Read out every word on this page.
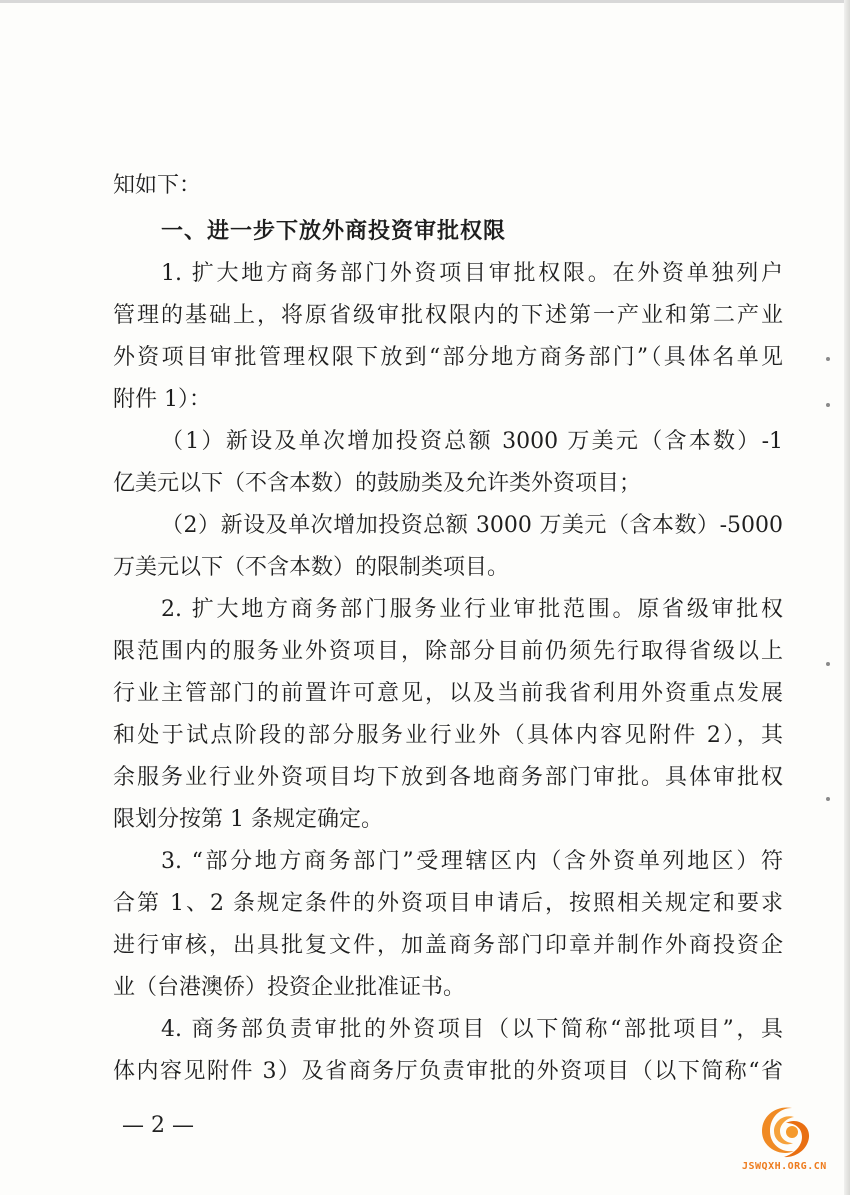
知如下：
一、进一步下放外商投资审批权限
1. 扩大地方商务部门外资项目审批权限。在外资单独列户
管理的基础上，将原省级审批权限内的下述第一产业和第二产业
外资项目审批管理权限下放到“部分地方商务部门”（具体名单见
附件 1）：
（1）新设及单次增加投资总额 3000 万美元（含本数）-1
亿美元以下（不含本数）的鼓励类及允许类外资项目；
（2）新设及单次增加投资总额 3000 万美元（含本数）-5000
万美元以下（不含本数）的限制类项目。
2. 扩大地方商务部门服务业行业审批范围。原省级审批权
限范围内的服务业外资项目，除部分目前仍须先行取得省级以上
行业主管部门的前置许可意见，以及当前我省利用外资重点发展
和处于试点阶段的部分服务业行业外（具体内容见附件 2），其
余服务业行业外资项目均下放到各地商务部门审批。具体审批权
限划分按第 1 条规定确定。
3. “部分地方商务部门”受理辖区内（含外资单列地区）符
合第 1、2 条规定条件的外资项目申请后，按照相关规定和要求
进行审核，出具批复文件，加盖商务部门印章并制作外商投资企
业（台港澳侨）投资企业批准证书。
4. 商务部负责审批的外资项目（以下简称“部批项目”，具
体内容见附件 3）及省商务厅负责审批的外资项目（以下简称“省
— 2 —
JSWQXH.ORG.CN
